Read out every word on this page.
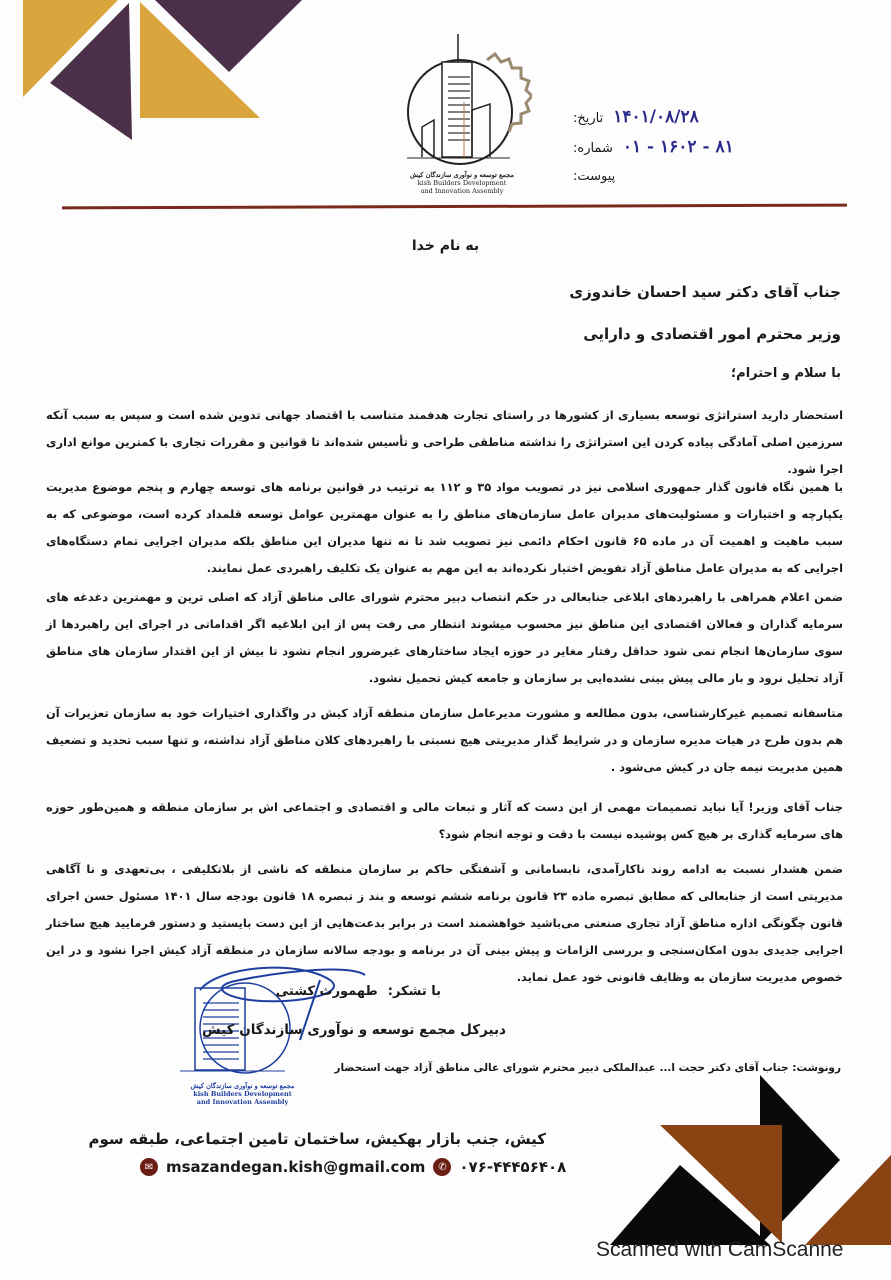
مجمع توسعه و نوآوری سازندگان کیش
kish Builders Development
and Innovation Assembly
تاریخ: ۱۴۰۱/۰۸/۲۸
شماره: ۸۱ - ۱۶۰۲ - ۰۱
پیوست:
به نام خدا
جناب آقای دکتر سید احسان خاندوزی
وزیر محترم امور اقتصادی و دارایی
با سلام و احترام؛

استحضار دارید استراتژی توسعه بسیاری از کشورها در راستای تجارت هدفمند متناسب با اقتصاد جهانی تدوین شده است و سپس به سبب آنکه سرزمین اصلی آمادگی پیاده کردن این استراتژی را نداشته مناطقی طراحی و تأسیس شده‌اند تا قوانین و مقررات تجاری با کمترین موانع اداری اجرا شود.

با همین نگاه قانون گذار جمهوری اسلامی نیز در تصویب مواد ۳۵ و ۱۱۲ به ترتیب در قوانین برنامه های توسعه چهارم و پنجم موضوع مدیریت یکپارچه و اختیارات و مسئولیت‌های مدیران عامل سازمان‌های مناطق را به عنوان مهمترین عوامل توسعه قلمداد کرده است، موضوعی که به سبب ماهیت و اهمیت آن در ماده ۶۵ قانون احکام دائمی نیز تصویب شد تا نه تنها مدیران این مناطق بلکه مدیران اجرایی تمام دستگاه‌های اجرایی که به مدیران عامل مناطق آزاد تفویض اختیار نکرده‌اند به این مهم به عنوان یک تکلیف راهبردی عمل نمایند.

ضمن اعلام همراهی با راهبردهای ابلاغی جنابعالی در حکم انتصاب دبیر محترم شورای عالی مناطق آزاد که اصلی ترین و مهمترین دغدغه های سرمایه گذاران و فعالان اقتصادی این مناطق نیز محسوب میشوند انتظار می رفت پس از این ابلاغیه اگر اقداماتی در اجرای این راهبردها از سوی سازمان‌ها انجام نمی شود حداقل رفتار مغایر در حوزه ایجاد ساختارهای غیرضرور انجام نشود تا بیش از این اقتدار سازمان های مناطق آزاد تحلیل نرود و بار مالی پیش بینی نشده‌ایی بر سازمان و جامعه کیش تحمیل نشود.

متاسفانه تصمیم غیرکارشناسی، بدون مطالعه و مشورت مدیرعامل سازمان منطقه آزاد کیش در واگذاری اختیارات خود به سازمان تعزیرات آن هم بدون طرح در هیات مدیره سازمان و در شرایط گذار مدیریتی هیچ نسبتی با راهبردهای کلان مناطق آزاد نداشته، و تنها سبب تحدید و تضعیف همین مدیریت نیمه جان در کیش می‌شود .

جناب آقای وزیر! آیا نباید تصمیمات مهمی از این دست که آثار و تبعات مالی و اقتصادی و اجتماعی اش بر سازمان منطقه و همین‌طور حوزه های سرمایه گذاری بر هیچ کس پوشیده نیست با دقت و توجه انجام شود؟

ضمن هشدار نسبت به ادامه روند ناکارآمدی، نابسامانی و آشفتگی حاکم بر سازمان منطقه که ناشی از بلاتکلیفی ، بی‌تعهدی و نا آگاهی مدیریتی است از جنابعالی که مطابق تبصره ماده ۲۳ قانون برنامه ششم توسعه و بند ز تبصره ۱۸ قانون بودجه سال ۱۴۰۱ مسئول حسن اجرای قانون چگونگی اداره مناطق آزاد تجاری صنعتی می‌باشید خواهشمند است در برابر بدعت‌هایی از این دست بایستید و دستور فرمایید هیچ ساختار اجرایی جدیدی بدون امکان‌سنجی و بررسی الزامات و پیش بینی آن در برنامه و بودجه سالانه سازمان در منطقه آزاد کیش اجرا نشود و در این خصوص مدیریت سازمان به وظایف قانونی خود عمل نماید.

مجمع توسعه و نوآوری سازندگان کیش
kish Builders Development
and Innovation Assembly
با تشکر:
طهمورث کشتی
دبیرکل مجمع توسعه و نوآوری سازندگان کیش
رونوشت: جناب آقای دکتر حجت ا... عبدالملکی دبیر محترم شورای عالی مناطق آزاد جهت استحضار
کیش، جنب بازار بهکیش، ساختمان تامین اجتماعی، طبقه سوم
✉ msazandegan.kish@gmail.com	✆ ۰۷۶-۴۴۴۵۶۴۰۸
Scanned with CamScanne
